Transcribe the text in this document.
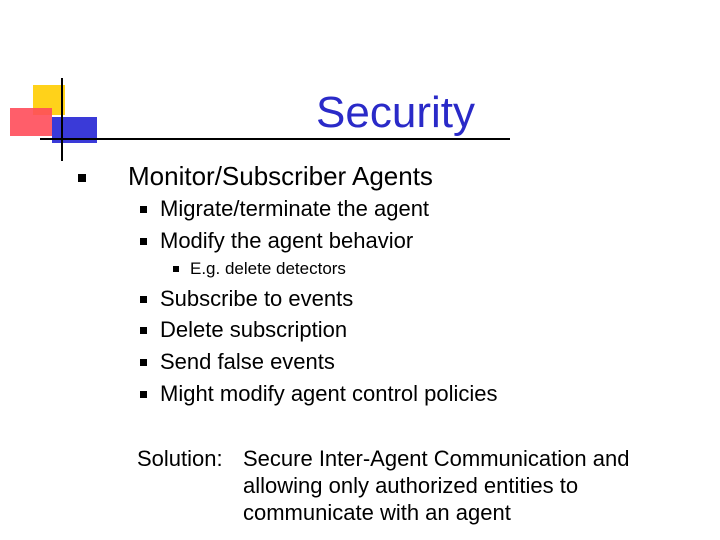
Security
Monitor/Subscriber Agents
Migrate/terminate the agent
Modify the agent behavior
E.g. delete detectors
Subscribe to events
Delete subscription
Send false events
Might modify agent control policies
Solution: Secure Inter-Agent Communication and
allowing only authorized entities to
communicate with an agent
